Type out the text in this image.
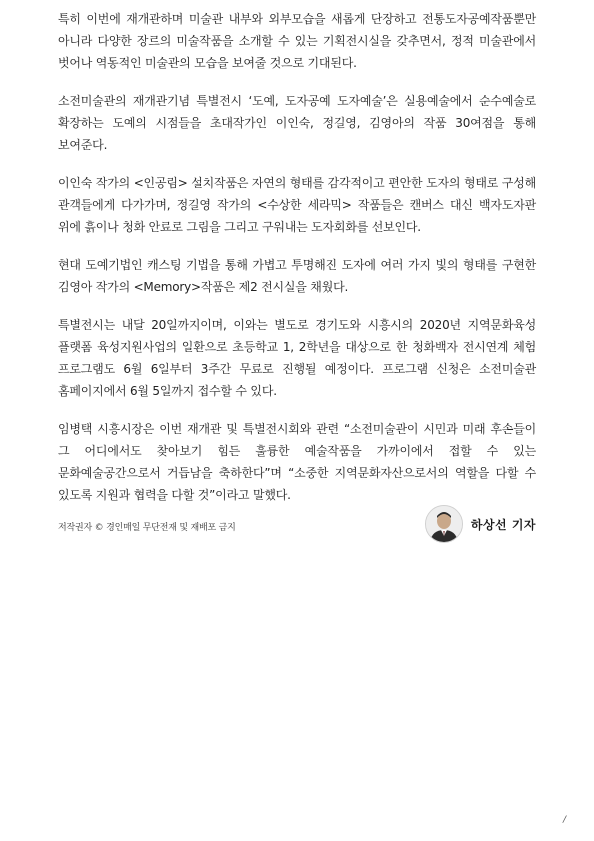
특히 이번에 재개관하며 미술관 내부와 외부모습을 새롭게 단장하고 전통도자공예작품뿐만 아니라 다양한 장르의 미술작품을 소개할 수 있는 기획전시실을 갖추면서, 정적 미술관에서 벗어나 역동적인 미술관의 모습을 보여줄 것으로 기대된다.

소전미술관의 재개관기념 특별전시 ‘도예, 도자공예 도자예술’은 실용예술에서 순수예술로 확장하는 도예의 시점들을 초대작가인 이인숙, 정길영, 김영아의 작품 30여점을 통해 보여준다.

이인숙 작가의 <인공림> 설치작품은 자연의 형태를 감각적이고 편안한 도자의 형태로 구성해 관객들에게 다가가며, 정길영 작가의 <수상한 세라믹> 작품들은 캔버스 대신 백자도자판 위에 흙이나 청화 안료로 그림을 그리고 구워내는 도자회화를 선보인다.

현대 도예기법인 캐스팅 기법을 통해 가볍고 투명해진 도자에 여러 가지 빛의 형태를 구현한 김영아 작가의 <Memory>작품은 제2 전시실을 채웠다.

특별전시는 내달 20일까지이며, 이와는 별도로 경기도와 시흥시의 2020년 지역문화육성 플랫폼 육성지원사업의 일환으로 초등학교 1, 2학년을 대상으로 한 청화백자 전시연계 체험 프로그램도 6월 6일부터 3주간 무료로 진행될 예정이다. 프로그램 신청은 소전미술관 홈페이지에서 6월 5일까지 접수할 수 있다.

임병택 시흥시장은 이번 재개관 및 특별전시회와 관련 “소전미술관이 시민과 미래 후손들이 그 어디에서도 찾아보기 힘든 훌륭한 예술작품을 가까이에서 접할 수 있는 문화예술공간으로서 거듭남을 축하한다”며 “소중한 지역문화자산으로서의 역할을 다할 수 있도록 지원과 협력을 다할 것”이라고 말했다.

저작권자 © 경인매일 무단전재 및 재배포 금지	하상선 기자
/
